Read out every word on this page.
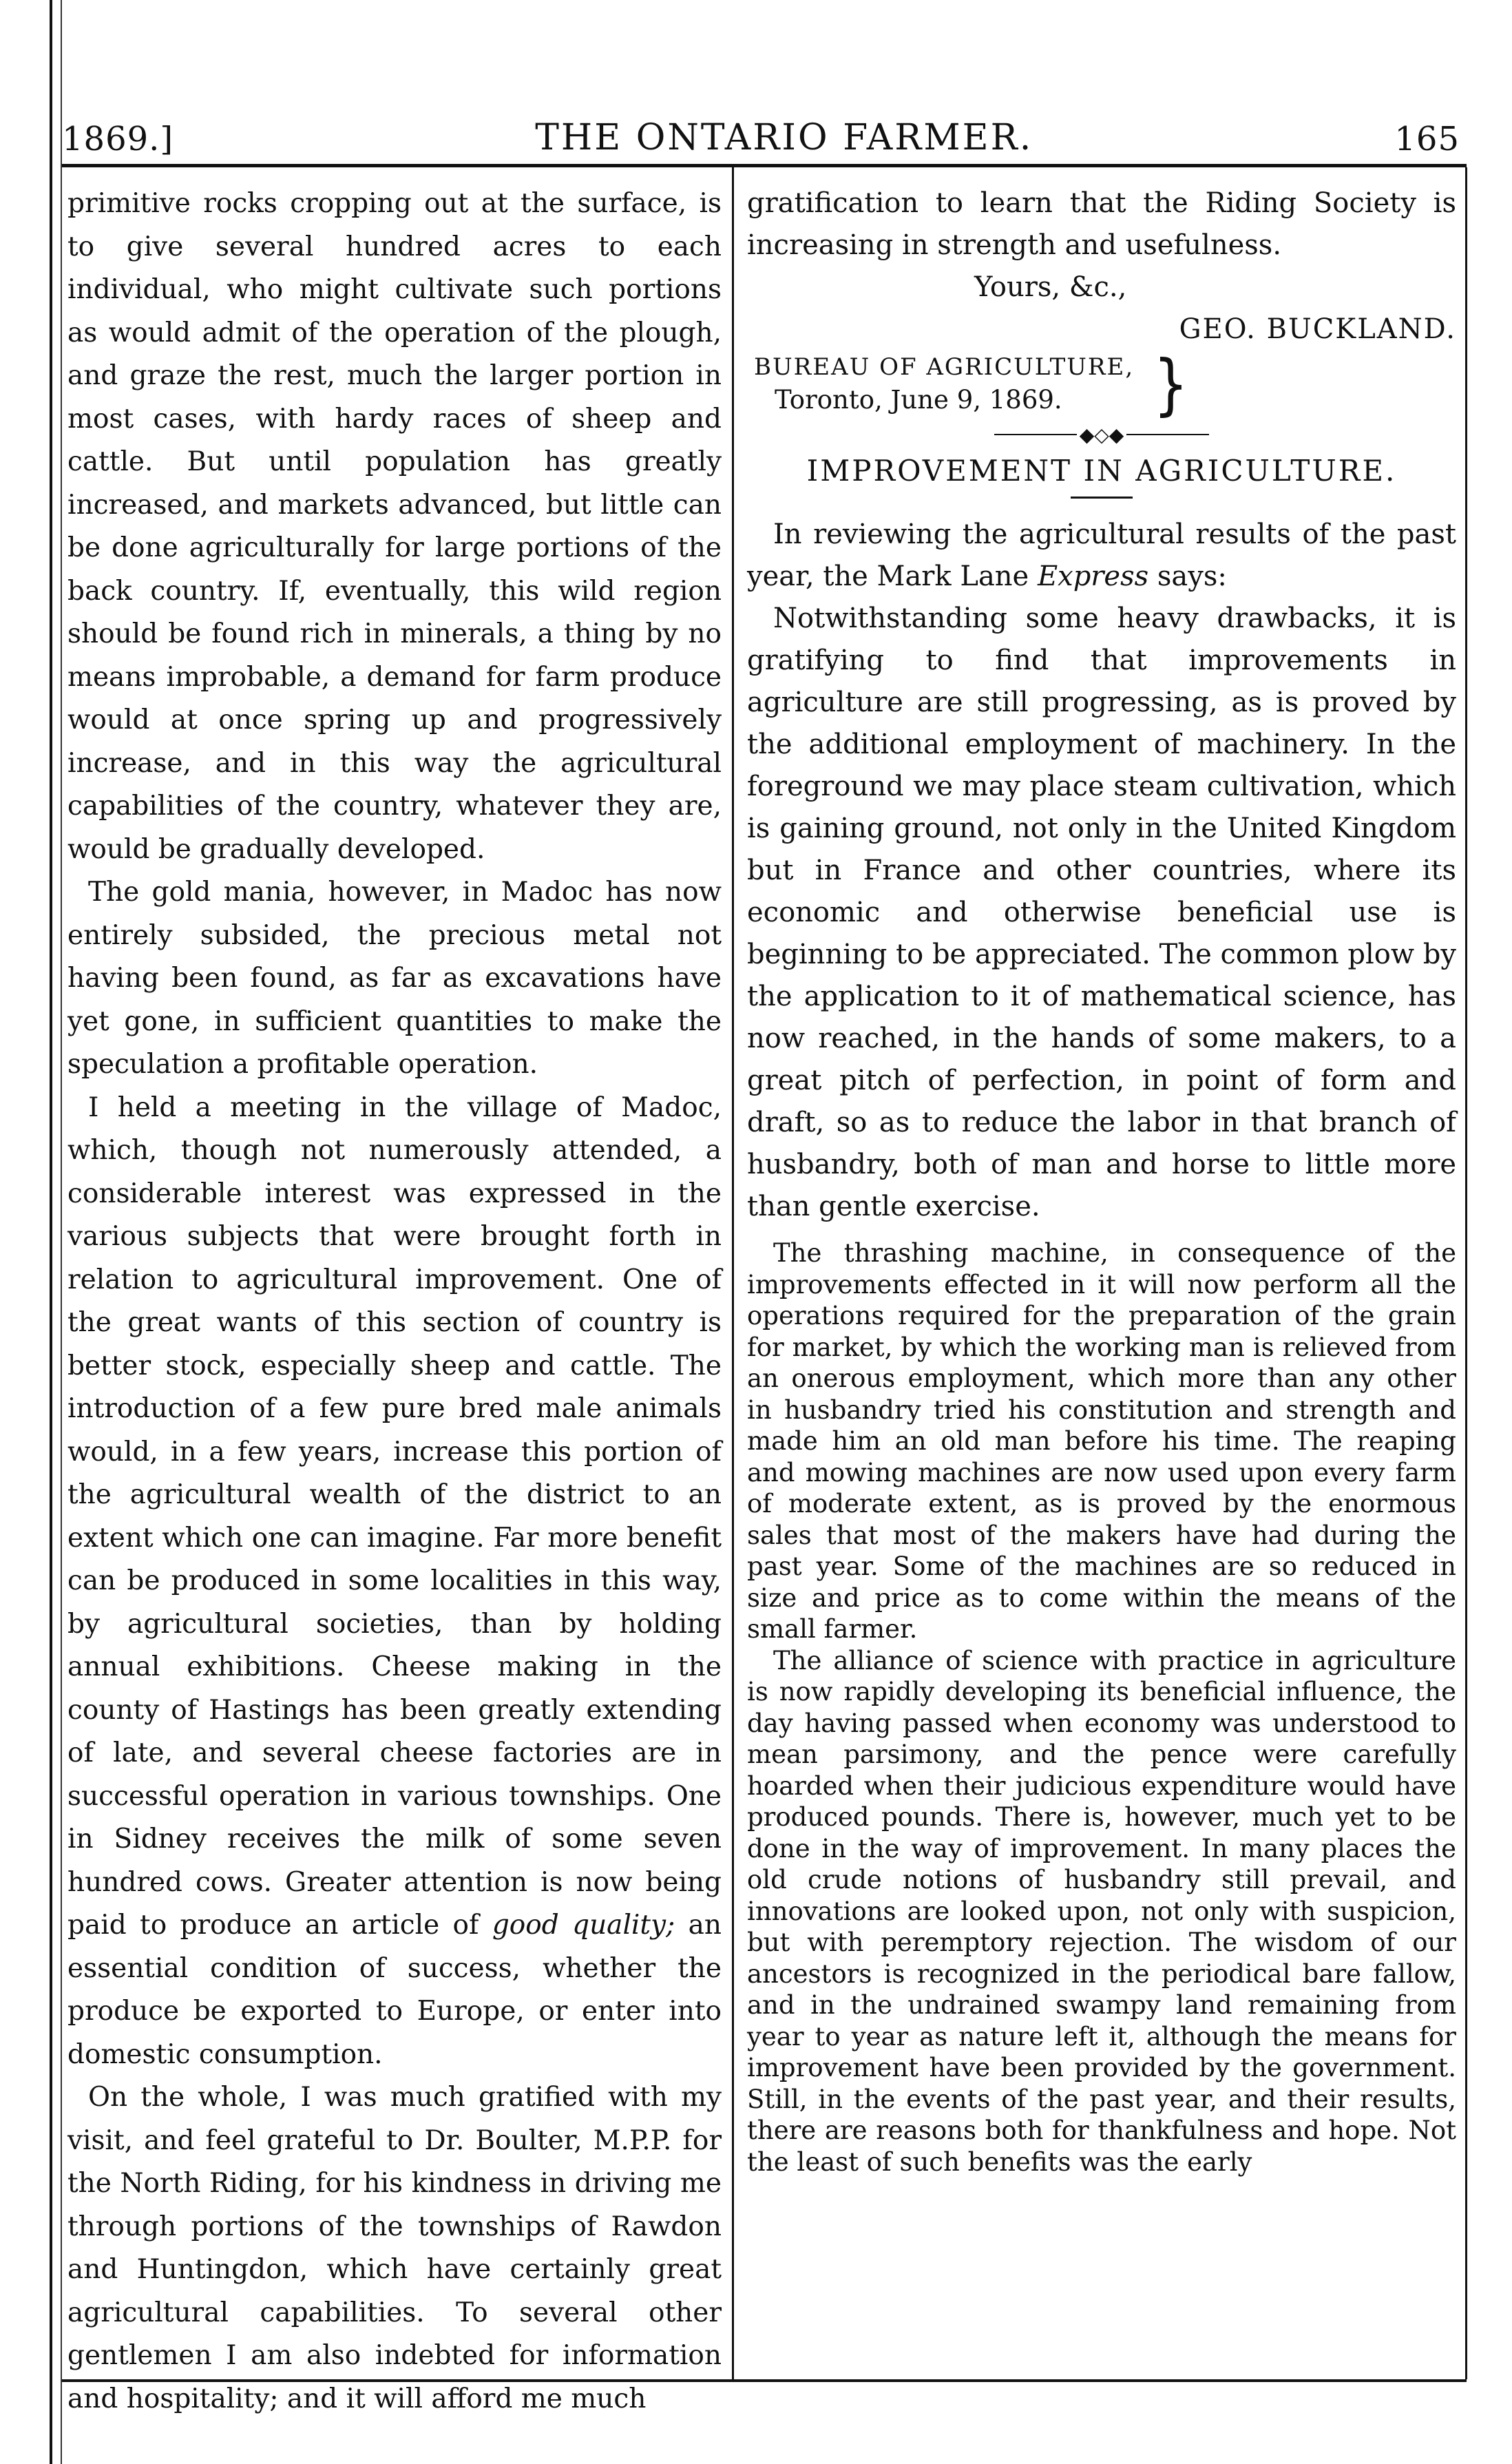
1869.]	THE ONTARIO FARMER.	165

primitive rocks cropping out at the surface, is to give several hundred acres to each individual, who might cultivate such portions as would admit of the operation of the plough, and graze the rest, much the larger portion in most cases, with hardy races of sheep and cattle. But until population has greatly increased, and markets advanced, but little can be done agriculturally for large portions of the back country. If, eventually, this wild region should be found rich in minerals, a thing by no means improbable, a demand for farm produce would at once spring up and progressively increase, and in this way the agricultural capabilities of the country, whatever they are, would be gradually developed.

The gold mania, however, in Madoc has now entirely subsided, the precious metal not having been found, as far as excavations have yet gone, in sufficient quantities to make the speculation a profitable operation.

I held a meeting in the village of Madoc, which, though not numerously attended, a considerable interest was expressed in the various subjects that were brought forth in relation to agricultural improvement. One of the great wants of this section of country is better stock, especially sheep and cattle. The introduction of a few pure bred male animals would, in a few years, increase this portion of the agricultural wealth of the district to an extent which one can imagine. Far more benefit can be produced in some localities in this way, by agricultural societies, than by holding annual exhibitions. Cheese making in the county of Hastings has been greatly extending of late, and several cheese factories are in successful operation in various townships. One in Sidney receives the milk of some seven hundred cows. Greater attention is now being paid to produce an article of good quality; an essential condition of success, whether the produce be exported to Europe, or enter into domestic consumption.

On the whole, I was much gratified with my visit, and feel grateful to Dr. Boulter, M.P.P. for the North Riding, for his kindness in driving me through portions of the townships of Rawdon and Huntingdon, which have certainly great agricultural capabilities. To several other gentlemen I am also indebted for information and hospitality; and it will afford me much

gratification to learn that the Riding Society is increasing in strength and usefulness.

Yours, &c.,
GEO. BUCKLAND.
BUREAU OF AGRICULTURE,
Toronto, June 9, 1869.	}
◆◇◆
IMPROVEMENT IN AGRICULTURE.

In reviewing the agricultural results of the past year, the Mark Lane Express says:

Notwithstanding some heavy drawbacks, it is gratifying to find that improvements in agriculture are still progressing, as is proved by the additional employment of machinery. In the foreground we may place steam cultivation, which is gaining ground, not only in the United Kingdom but in France and other countries, where its economic and otherwise beneficial use is beginning to be appreciated. The common plow by the application to it of mathematical science, has now reached, in the hands of some makers, to a great pitch of perfection, in point of form and draft, so as to reduce the labor in that branch of husbandry, both of man and horse to little more than gentle exercise.

The thrashing machine, in consequence of the improvements effected in it will now perform all the operations required for the preparation of the grain for market, by which the working man is relieved from an onerous employment, which more than any other in husbandry tried his constitution and strength and made him an old man before his time. The reaping and mowing machines are now used upon every farm of moderate extent, as is proved by the enormous sales that most of the makers have had during the past year. Some of the machines are so reduced in size and price as to come within the means of the small farmer.

The alliance of science with practice in agriculture is now rapidly developing its beneficial influence, the day having passed when economy was understood to mean parsimony, and the pence were carefully hoarded when their judicious expenditure would have produced pounds. There is, however, much yet to be done in the way of improvement. In many places the old crude notions of husbandry still prevail, and innovations are looked upon, not only with suspicion, but with peremptory rejection. The wisdom of our ancestors is recognized in the periodical bare fallow, and in the undrained swampy land remaining from year to year as nature left it, although the means for improvement have been provided by the government. Still, in the events of the past year, and their results, there are reasons both for thankfulness and hope. Not the least of such benefits was the early
